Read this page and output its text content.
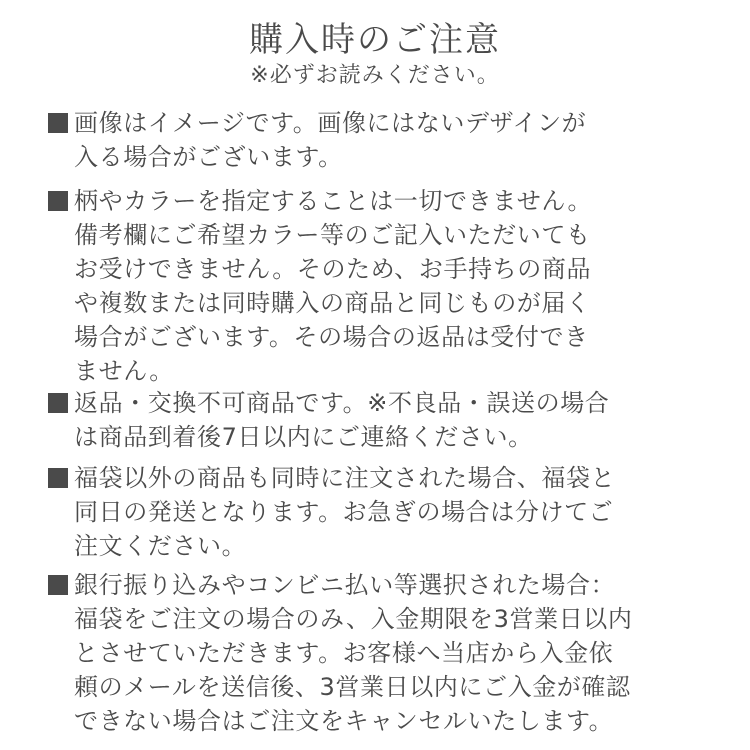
購入時のご注意
※必ずお読みください。
画像はイメージです。画像にはないデザインが
入る場合がございます。
柄やカラーを指定することは一切できません。
備考欄にご希望カラー等のご記入いただいても
お受けできません。そのため、お手持ちの商品
や複数または同時購入の商品と同じものが届く
場合がございます。その場合の返品は受付でき
ません。
返品・交換不可商品です。※不良品・誤送の場合
は商品到着後7日以内にご連絡ください。
福袋以外の商品も同時に注文された場合、福袋と
同日の発送となります。お急ぎの場合は分けてご
注文ください。
銀行振り込みやコンビニ払い等選択された場合：
福袋をご注文の場合のみ、入金期限を3営業日以内
とさせていただきます。お客様へ当店から入金依
頼のメールを送信後、3営業日以内にご入金が確認
できない場合はご注文をキャンセルいたします。
